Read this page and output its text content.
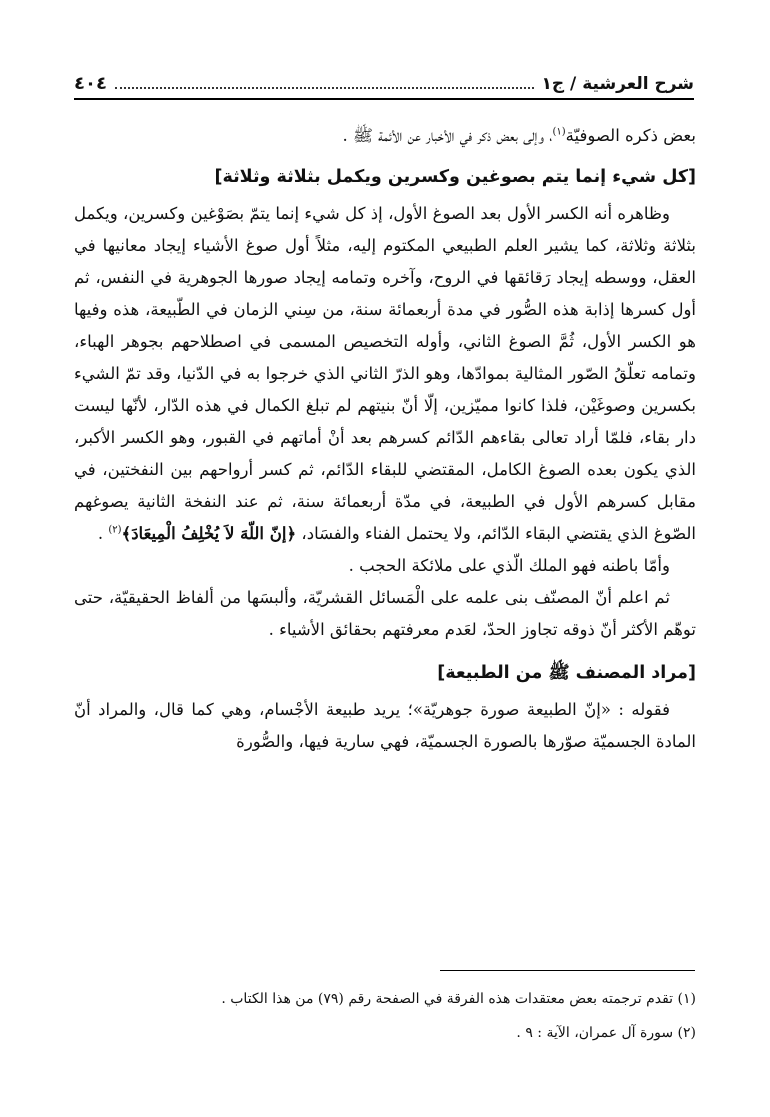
شرح العرشية / ج١
٤٠٤

بعض ذكره الصوفيّة$^{(١)}$، وإلى بعض ذكر في الأخبار عن الأئمة ﷺ .

[كل شيء إنما يتم بصوغين وكسرين ويكمل بثلاثة وثلاثة]

وظاهره أنه الكسر الأول بعد الصوغ الأول، إذ كل شيء إنما يتمّ بصَوْغين وكسرين، ويكمل بثلاثة وثلاثة، كما يشير العلم الطبيعي المكتوم إليه، مثلاً أول صوغ الأشياء إيجاد معانيها في العقل، ووسطه إيجاد رَقائقها في الروح، وآخره وتمامه إيجاد صورها الجوهرية في النفس، ثم أول كسرها إذابة هذه الصُّور في مدة أربعمائة سنة، من سِني الزمان في الطّبيعة، هذه وفيها هو الكسر الأول، ثُمَّ الصوغ الثاني، وأوله التخصيص المسمى في اصطلاحهم بجوهر الهباء، وتمامه تعلّقُ الصّور المثالية بموادّها، وهو الذرّ الثاني الذي خرجوا به في الدّنيا، وقد تمّ الشيء بكسرين وصوغَيْن، فلذا كانوا مميّزين، إلّا أنّ بنيتهم لم تبلغ الكمال في هذه الدّار، لأنّها ليست دار بقاء، فلمّا أراد تعالى بقاءهم الدّائم كسرهم بعد أنْ أماتهم في القبور، وهو الكسر الأكبر، الذي يكون بعده الصوغ الكامل، المقتضي للبقاء الدّائم، ثم كسر أرواحهم بين النفختين، في مقابل كسرهم الأول في الطبيعة، في مدّة أربعمائة سنة، ثم عند النفخة الثانية يصوغهم الصّوغ الذي يقتضي البقاء الدّائم، ولا يحتمل الفناء والفسَاد، ﴿إنّ اللّهَ لاَ يُخْلِفُ الْمِيعَادَ﴾$^{(٢)}$ .

وأمّا باطنه فهو الملك الّذي على ملائكة الحجب .

ثم اعلم أنّ المصنّف بنى علمه على الْمَسائل القشريّة، وألبسَها من ألفاظ الحقيقيّة، حتى توهّم الأكثر أنّ ذوقه تجاوز الحدّ، لعَدم معرفتهم بحقائق الأشياء .

[مراد المصنف ﷺ من الطبيعة]

فقوله : «إنّ الطبيعة صورة جوهريّة»؛ يريد طبيعة الأجْسام، وهي كما قال، والمراد أنّ المادة الجسميّة صوّرها بالصورة الجسميّة، فهي سارية فيها، والصُّورة

(١) تقدم ترجمته بعض معتقدات هذه الفرقة في الصفحة رقم (٧٩) من هذا الكتاب .

(٢) سورة آل عمران، الآية : ٩ .
